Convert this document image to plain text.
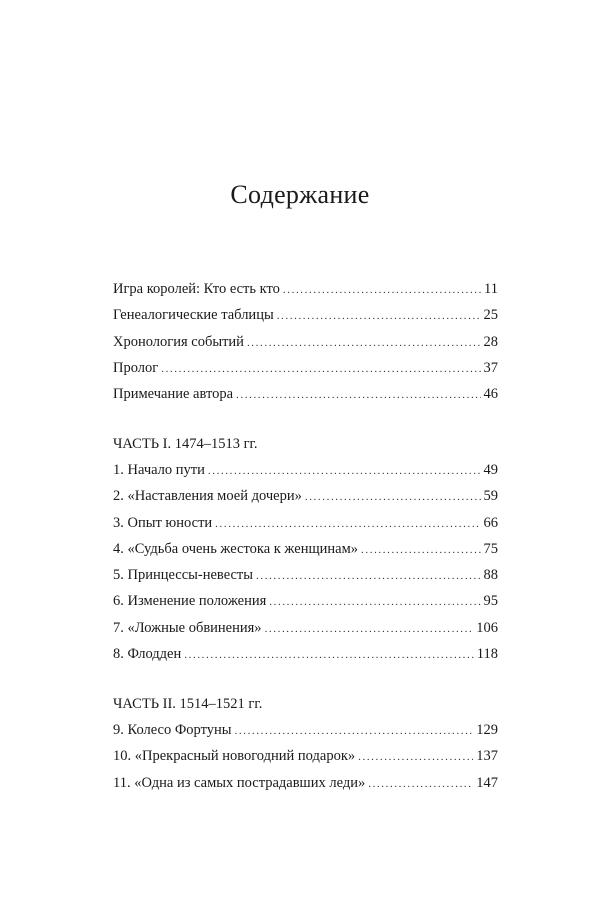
Содержание
Игра королей: Кто есть кто .....	11
Генеалогические таблицы .....	25
Хронология событий .....	28
Пролог .....	37
Примечание автора .....	46
ЧАСТЬ I. 1474–1513 гг.
1. Начало пути .....	49
2. «Наставления моей дочери» .....	59
3. Опыт юности .....	66
4. «Судьба очень жестока к женщинам» .....	75
5. Принцессы-невесты .....	88
6. Изменение положения .....	95
7. «Ложные обвинения» .....	106
8. Флодден .....	118
ЧАСТЬ II. 1514–1521 гг.
9. Колесо Фортуны .....	129
10. «Прекрасный новогодний подарок» .....	137
11. «Одна из самых пострадавших леди» .....	147
